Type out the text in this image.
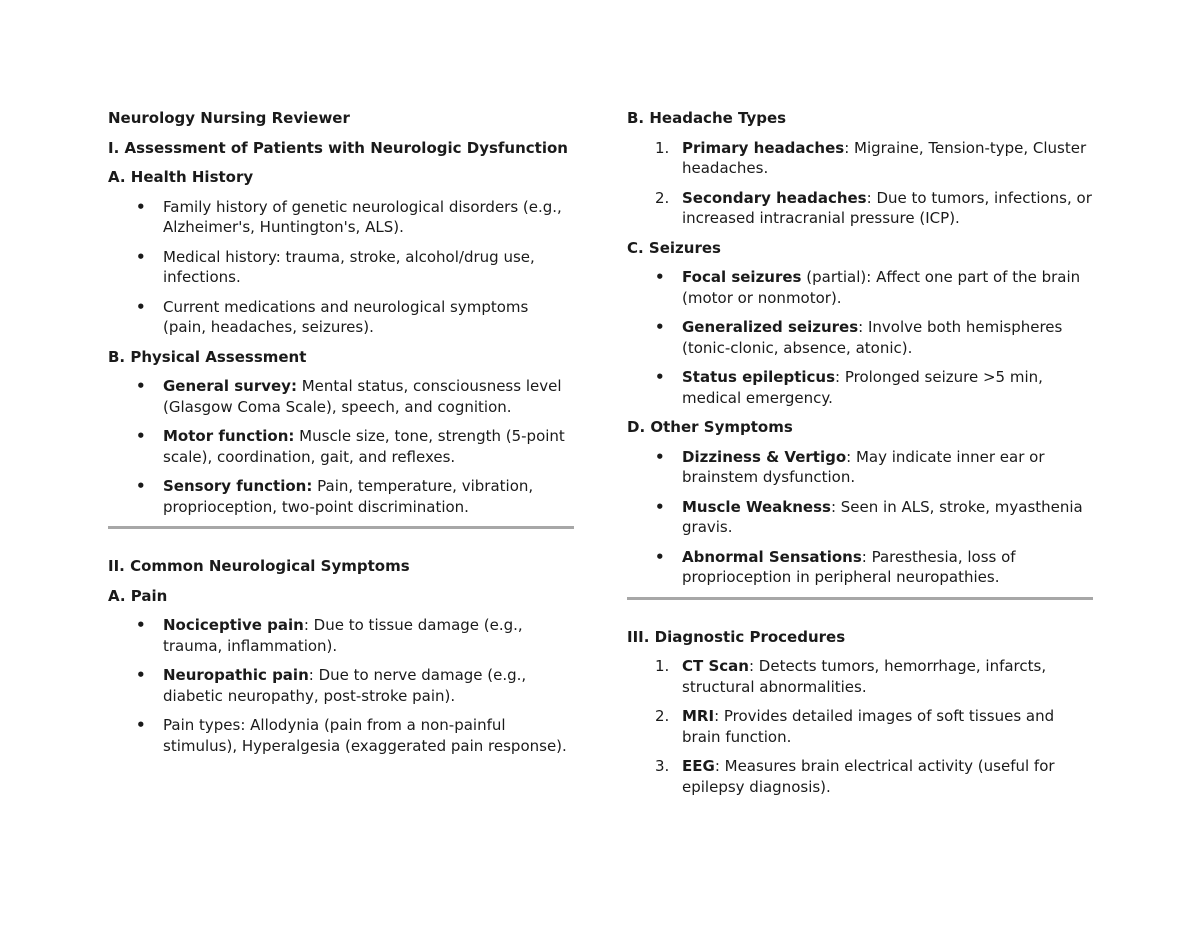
Neurology Nursing Reviewer

I. Assessment of Patients with Neurologic Dysfunction

A. Health History

• Family history of genetic neurological disorders (e.g., Alzheimer's, Huntington's, ALS).
• Medical history: trauma, stroke, alcohol/drug use, infections.
• Current medications and neurological symptoms (pain, headaches, seizures).

B. Physical Assessment

• General survey: Mental status, consciousness level (Glasgow Coma Scale), speech, and cognition.
• Motor function: Muscle size, tone, strength (5-point scale), coordination, gait, and reflexes.
• Sensory function: Pain, temperature, vibration, proprioception, two-point discrimination.

II. Common Neurological Symptoms

A. Pain

• Nociceptive pain: Due to tissue damage (e.g., trauma, inflammation).
• Neuropathic pain: Due to nerve damage (e.g., diabetic neuropathy, post-stroke pain).
• Pain types: Allodynia (pain from a non-painful stimulus), Hyperalgesia (exaggerated pain response).

B. Headache Types

1. Primary headaches: Migraine, Tension-type, Cluster headaches.
2. Secondary headaches: Due to tumors, infections, or increased intracranial pressure (ICP).

C. Seizures

• Focal seizures (partial): Affect one part of the brain (motor or nonmotor).
• Generalized seizures: Involve both hemispheres (tonic-clonic, absence, atonic).
• Status epilepticus: Prolonged seizure >5 min, medical emergency.

D. Other Symptoms

• Dizziness & Vertigo: May indicate inner ear or brainstem dysfunction.
• Muscle Weakness: Seen in ALS, stroke, myasthenia gravis.
• Abnormal Sensations: Paresthesia, loss of proprioception in peripheral neuropathies.

III. Diagnostic Procedures

1. CT Scan: Detects tumors, hemorrhage, infarcts, structural abnormalities.
2. MRI: Provides detailed images of soft tissues and brain function.
3. EEG: Measures brain electrical activity (useful for epilepsy diagnosis).
